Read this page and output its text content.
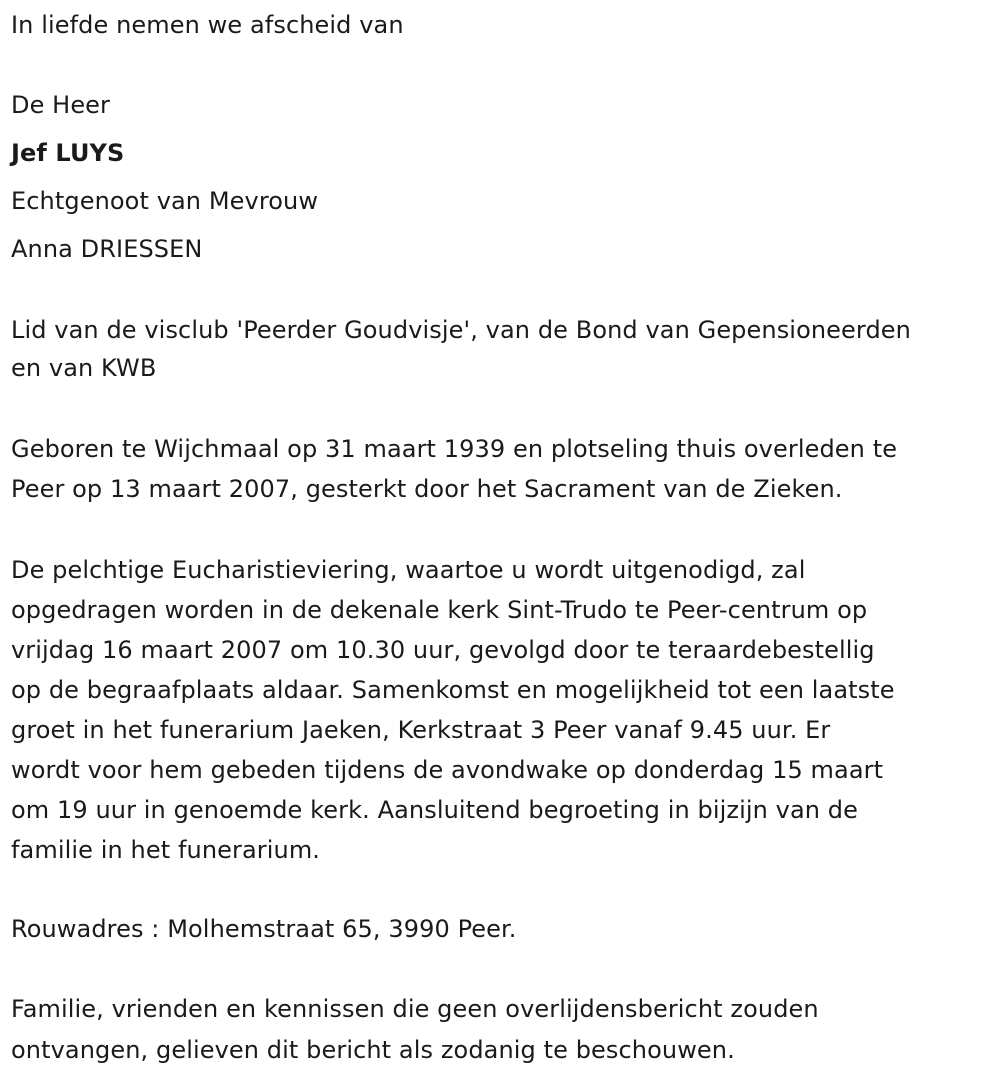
In liefde nemen we afscheid van
De Heer
Jef LUYS
Echtgenoot van Mevrouw
Anna DRIESSEN
Lid van de visclub 'Peerder Goudvisje', van de Bond van Gepensioneerden
en van KWB
Geboren te Wijchmaal op 31 maart 1939 en plotseling thuis overleden te
Peer op 13 maart 2007, gesterkt door het Sacrament van de Zieken.
De pelchtige Eucharistieviering, waartoe u wordt uitgenodigd, zal
opgedragen worden in de dekenale kerk Sint-Trudo te Peer-centrum op
vrijdag 16 maart 2007 om 10.30 uur, gevolgd door te teraardebestellig
op de begraafplaats aldaar. Samenkomst en mogelijkheid tot een laatste
groet in het funerarium Jaeken, Kerkstraat 3 Peer vanaf 9.45 uur. Er
wordt voor hem gebeden tijdens de avondwake op donderdag 15 maart
om 19 uur in genoemde kerk. Aansluitend begroeting in bijzijn van de
familie in het funerarium.
Rouwadres : Molhemstraat 65, 3990 Peer.
Familie, vrienden en kennissen die geen overlijdensbericht zouden
ontvangen, gelieven dit bericht als zodanig te beschouwen.
